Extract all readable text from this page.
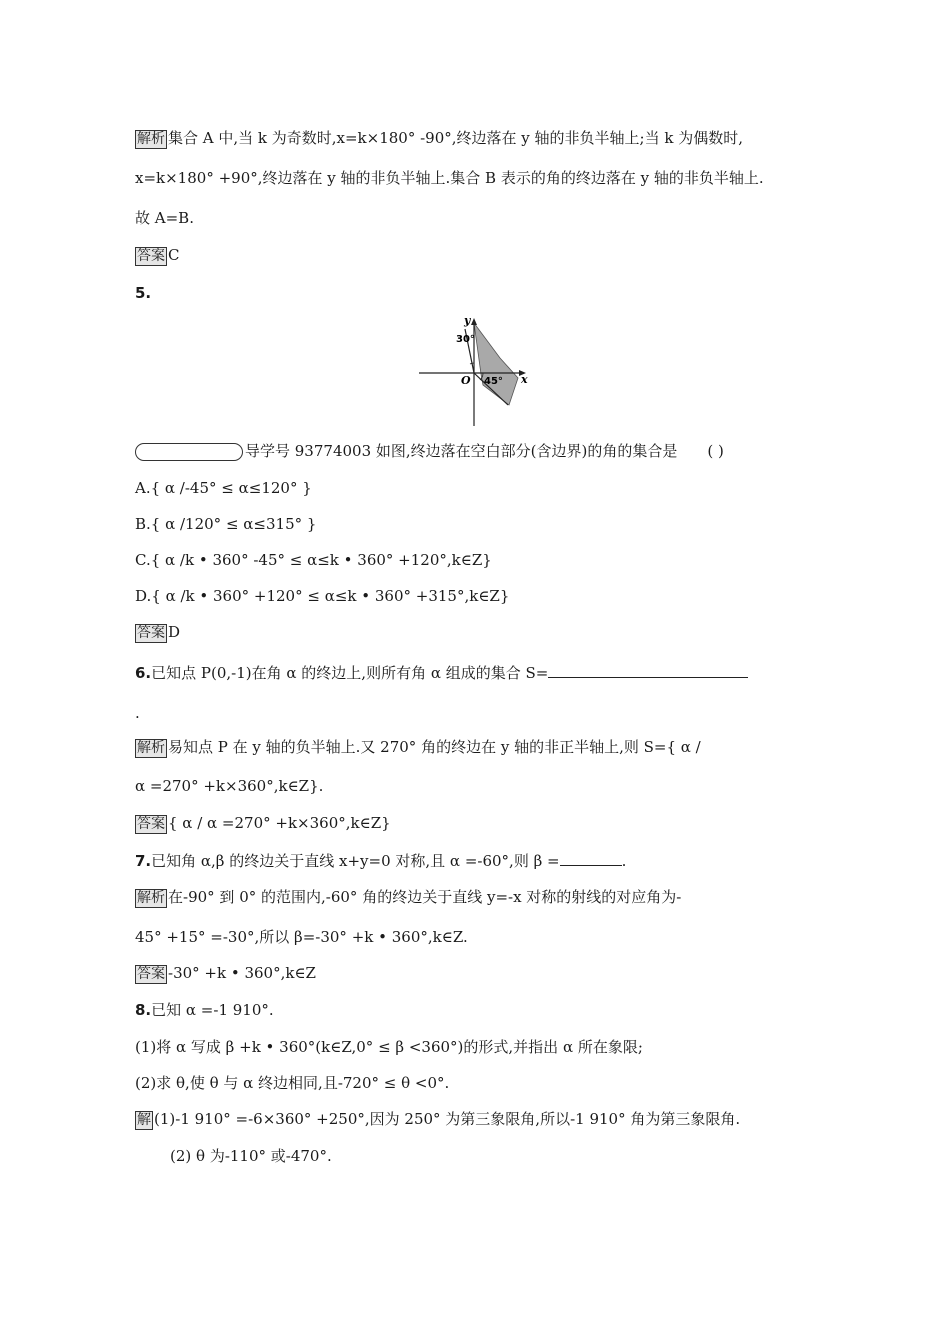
解析 集合 A 中,当 k 为奇数时,x=k×180° -90°,终边落在 y 轴的非负半轴上;当 k 为偶数时,
x=k×180° +90°,终边落在 y 轴的非负半轴上.集合 B 表示的角的终边落在 y 轴的非负半轴上.
故 A=B.
答案 C
5.
y
x
O
30°
45°
导学号 93774003 如图,终边落在空白部分(含边界)的角的集合是 ( )
A.{ α /-45° ≤ α≤120° }
B.{ α /120° ≤ α≤315° }
C.{ α /k • 360° -45° ≤ α≤k • 360° +120°,k∈Z}
D.{ α /k • 360° +120° ≤ α≤k • 360° +315°,k∈Z}
答案 D
6.已知点 P(0,-1)在角 α 的终边上,则所有角 α 组成的集合 S=
.
解析 易知点 P 在 y 轴的负半轴上.又 270° 角的终边在 y 轴的非正半轴上,则 S={ α /
α =270° +k×360°,k∈Z}.
答案 { α / α =270° +k×360°,k∈Z}
7.已知角 α,β 的终边关于直线 x+y=0 对称,且 α =-60°,则 β =	.
解析 在-90° 到 0° 的范围内,-60° 角的终边关于直线 y=-x 对称的射线的对应角为-
45° +15° =-30°,所以 β=-30° +k • 360°,k∈Z.
答案 -30° +k • 360°,k∈Z
8.已知 α =-1 910°.
(1)将 α 写成 β +k • 360°(k∈Z,0° ≤ β <360°)的形式,并指出 α 所在象限;
(2)求 θ,使 θ 与 α 终边相同,且-720° ≤ θ <0°.
解 (1)-1 910° =-6×360° +250°,因为 250° 为第三象限角,所以-1 910° 角为第三象限角.
(2) θ 为-110° 或-470°.
